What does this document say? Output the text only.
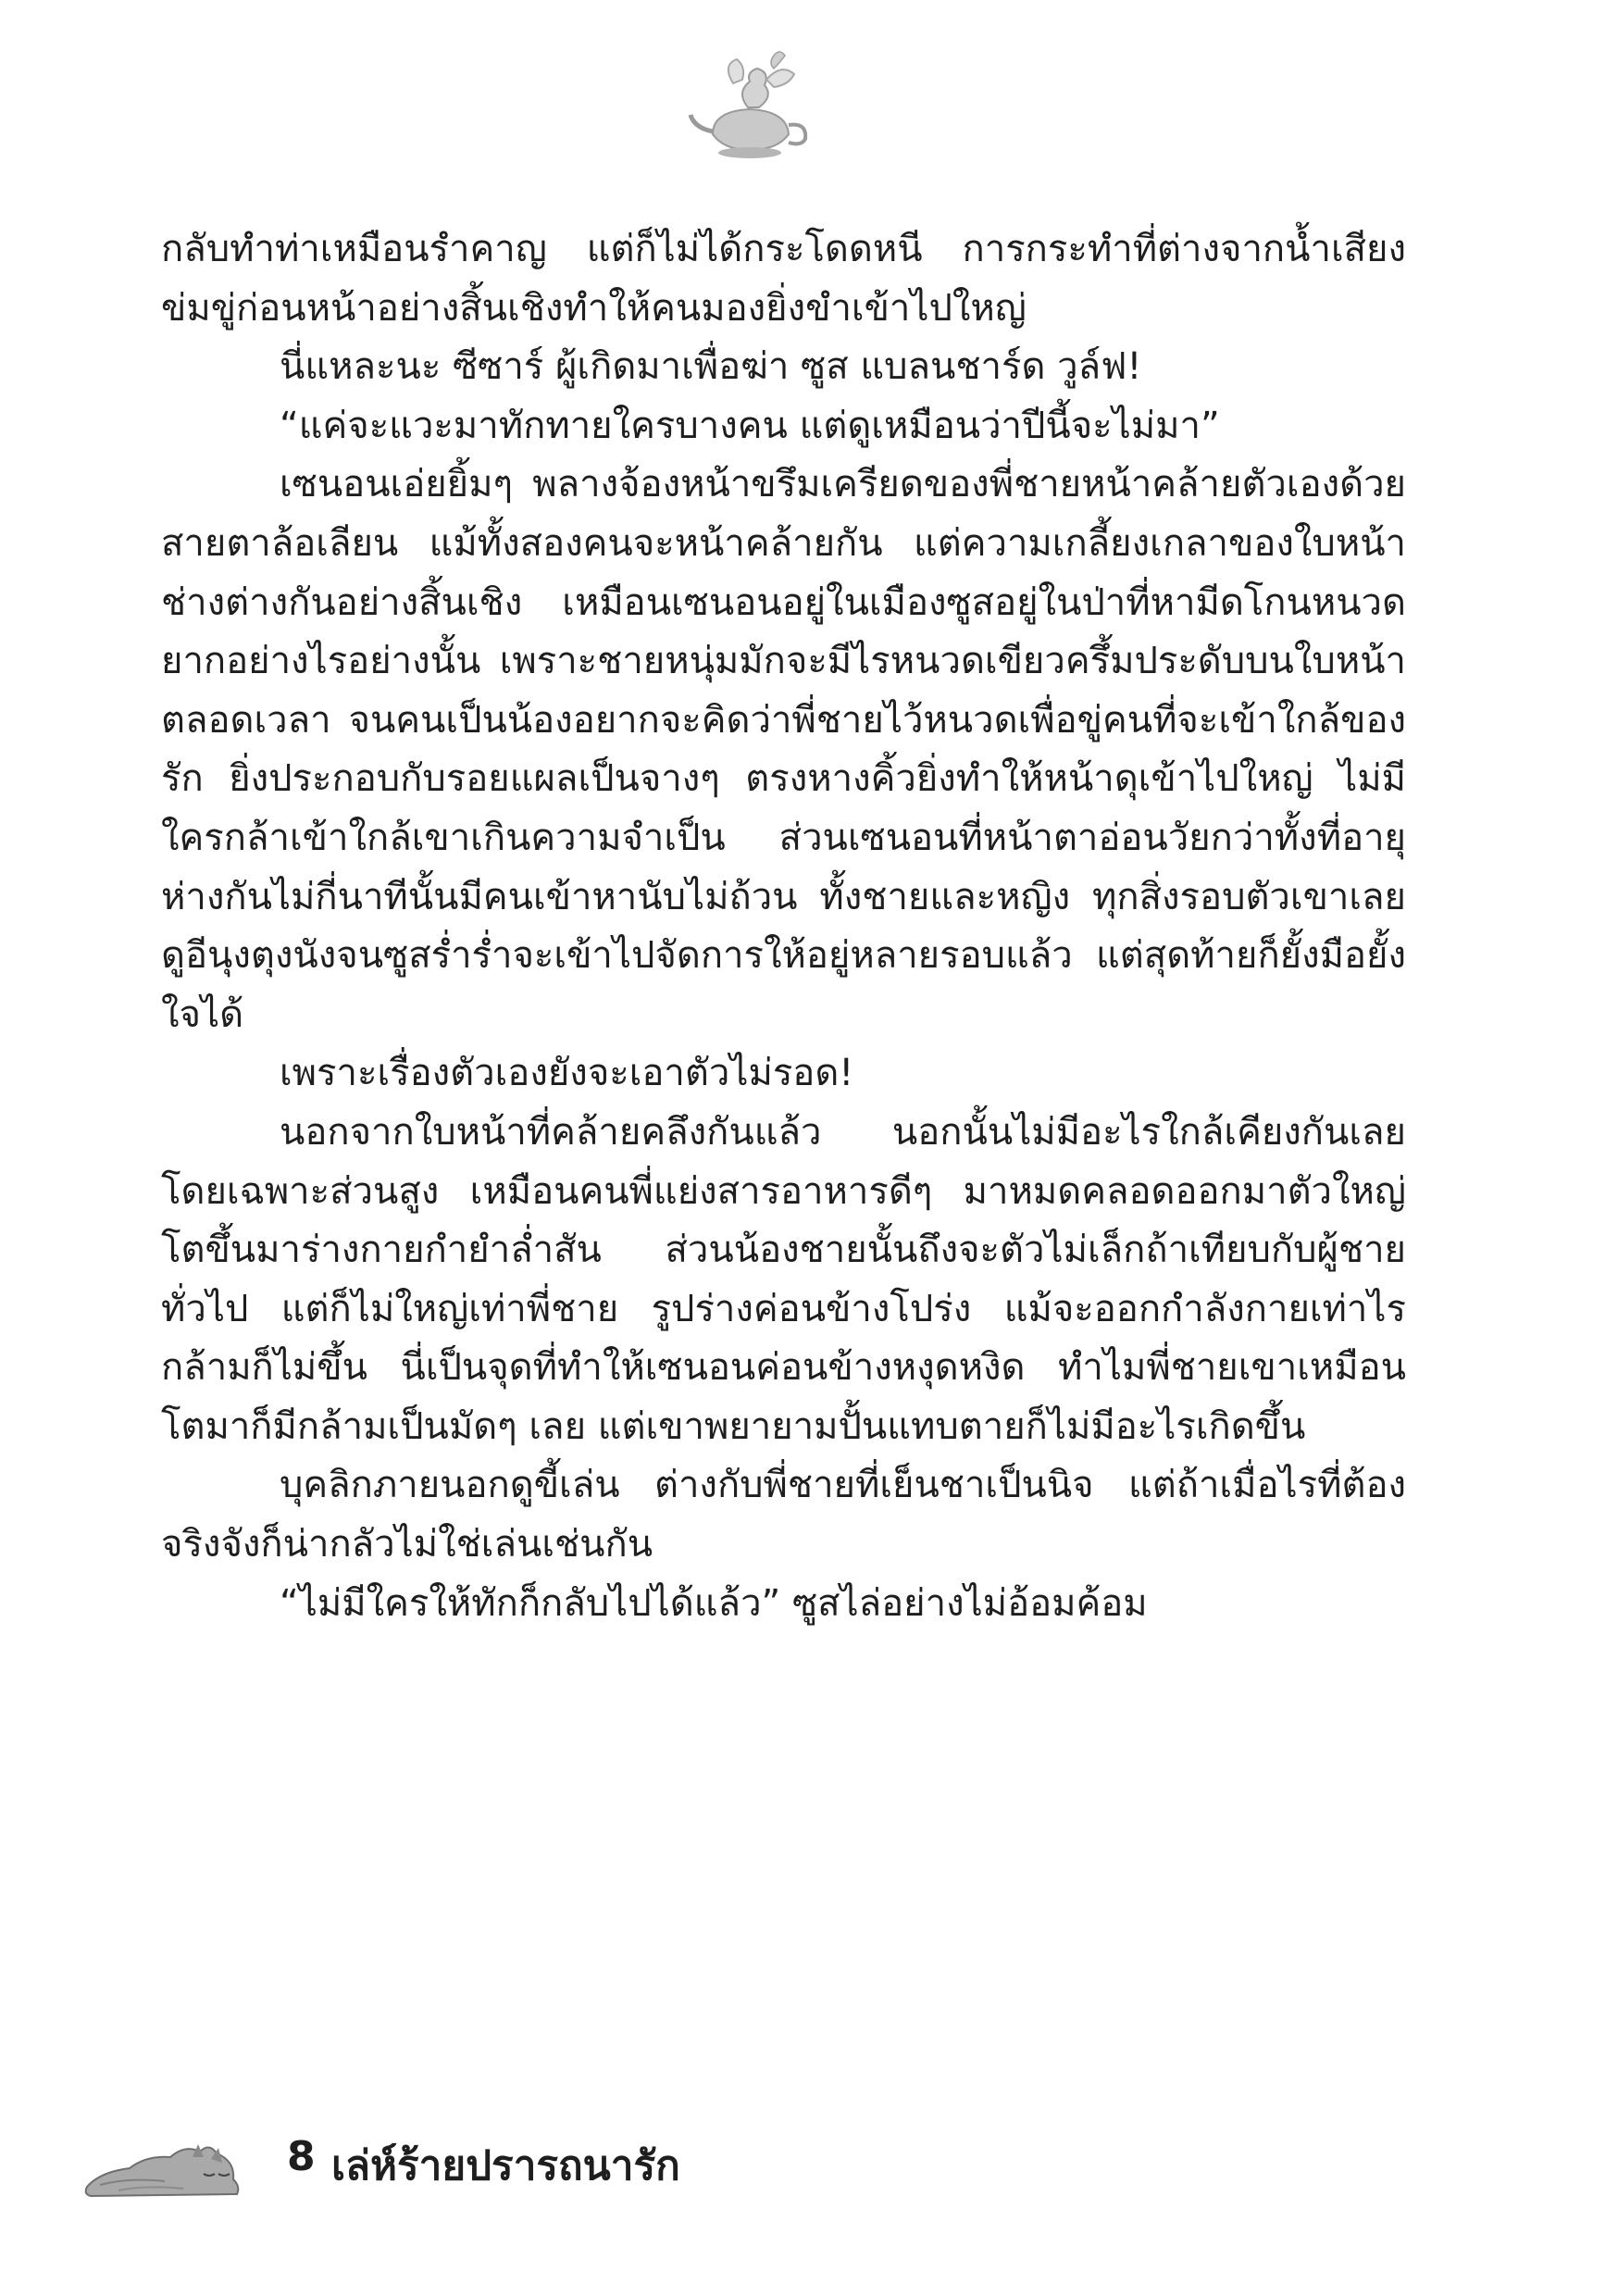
กลับทำท่าเหมือนรำคาญ แต่ก็ไม่ได้กระโดดหนี การกระทำที่ต่างจากน้ำเสียงข่มขู่ก่อนหน้าอย่างสิ้นเชิงทำให้คนมองยิ่งขำเข้าไปใหญ่

นี่แหละนะ ซีซาร์ ผู้เกิดมาเพื่อฆ่า ซูส แบลนชาร์ด วูล์ฟ!

“แค่จะแวะมาทักทายใครบางคน แต่ดูเหมือนว่าปีนี้จะไม่มา”

เซนอนเอ่ยยิ้มๆ พลางจ้องหน้าขรึมเครียดของพี่ชายหน้าคล้ายตัวเองด้วยสายตาล้อเลียน แม้ทั้งสองคนจะหน้าคล้ายกัน แต่ความเกลี้ยงเกลาของใบหน้าช่างต่างกันอย่างสิ้นเชิง เหมือนเซนอนอยู่ในเมืองซูสอยู่ในป่าที่หามีดโกนหนวดยากอย่างไรอย่างนั้น เพราะชายหนุ่มมักจะมีไรหนวดเขียวครึ้มประดับบนใบหน้าตลอดเวลา จนคนเป็นน้องอยากจะคิดว่าพี่ชายไว้หนวดเพื่อขู่คนที่จะเข้าใกล้ของรัก ยิ่งประกอบกับรอยแผลเป็นจางๆ ตรงหางคิ้วยิ่งทำให้หน้าดุเข้าไปใหญ่ ไม่มีใครกล้าเข้าใกล้เขาเกินความจำเป็น ส่วนเซนอนที่หน้าตาอ่อนวัยกว่าทั้งที่อายุห่างกันไม่กี่นาทีนั้นมีคนเข้าหานับไม่ถ้วน ทั้งชายและหญิง ทุกสิ่งรอบตัวเขาเลยดูอีนุงตุงนังจนซูสร่ำร่ำจะเข้าไปจัดการให้อยู่หลายรอบแล้ว แต่สุดท้ายก็ยั้งมือยั้งใจได้

เพราะเรื่องตัวเองยังจะเอาตัวไม่รอด!

นอกจากใบหน้าที่คล้ายคลึงกันแล้ว นอกนั้นไม่มีอะไรใกล้เคียงกันเลย โดยเฉพาะส่วนสูง เหมือนคนพี่แย่งสารอาหารดีๆ มาหมดคลอดออกมาตัวใหญ่ โตขึ้นมาร่างกายกำยำล่ำสัน ส่วนน้องชายนั้นถึงจะตัวไม่เล็กถ้าเทียบกับผู้ชายทั่วไป แต่ก็ไม่ใหญ่เท่าพี่ชาย รูปร่างค่อนข้างโปร่ง แม้จะออกกำลังกายเท่าไรกล้ามก็ไม่ขึ้น นี่เป็นจุดที่ทำให้เซนอนค่อนข้างหงุดหงิด ทำไมพี่ชายเขาเหมือนโตมาก็มีกล้ามเป็นมัดๆ เลย แต่เขาพยายามปั้นแทบตายก็ไม่มีอะไรเกิดขึ้น

บุคลิกภายนอกดูขี้เล่น ต่างกับพี่ชายที่เย็นชาเป็นนิจ แต่ถ้าเมื่อไรที่ต้องจริงจังก็น่ากลัวไม่ใช่เล่นเช่นกัน

“ไม่มีใครให้ทักก็กลับไปได้แล้ว” ซูสไล่อย่างไม่อ้อมค้อม

8 เล่ห์ร้ายปรารถนารัก
